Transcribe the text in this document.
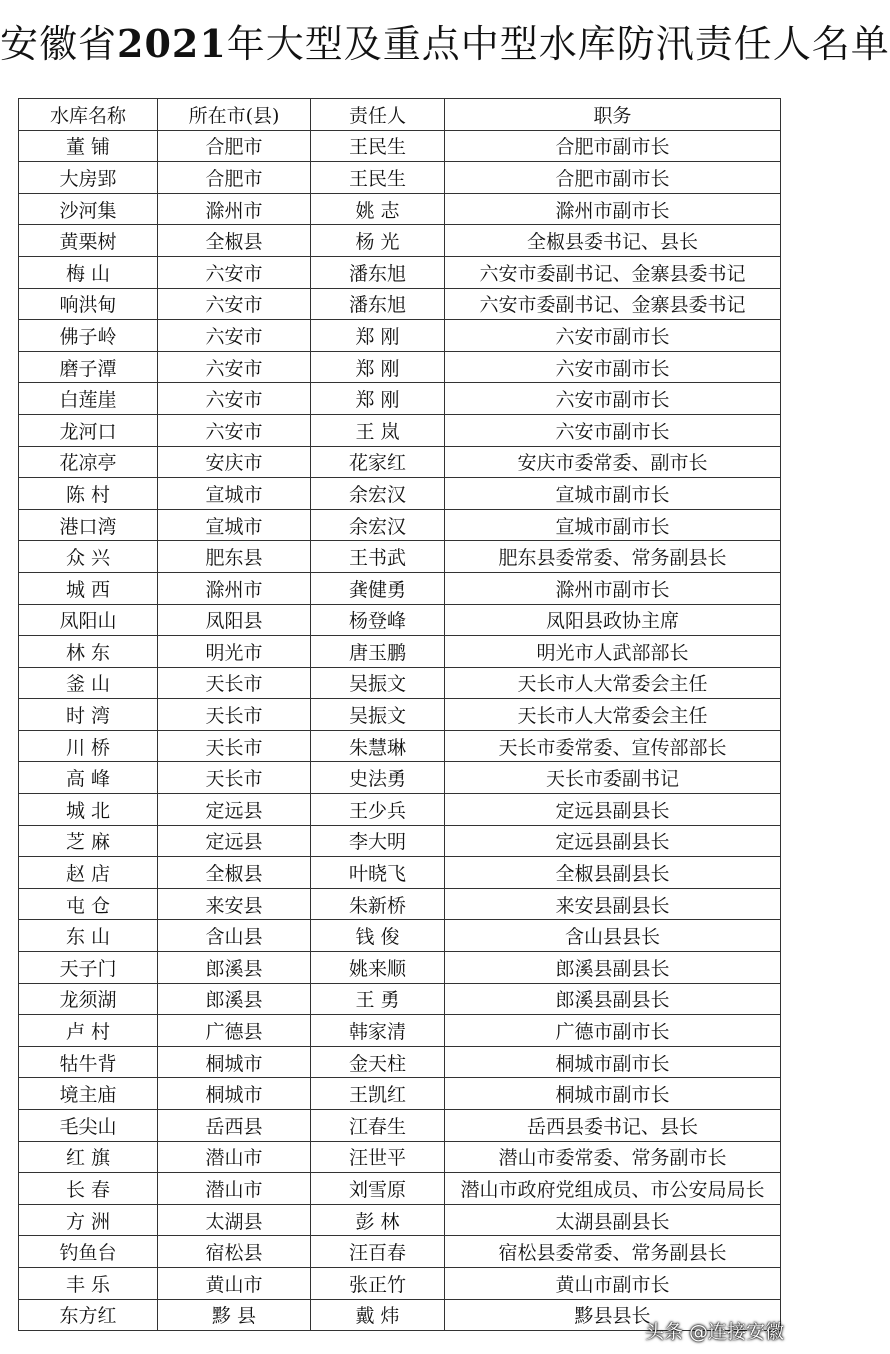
安徽省2021年大型及重点中型水库防汛责任人名单
水库名称	所在市(县)	责任人	职务
董 铺	合肥市	王民生	合肥市副市长
大房郢	合肥市	王民生	合肥市副市长
沙河集	滁州市	姚 志	滁州市副市长
黄栗树	全椒县	杨 光	全椒县委书记、县长
梅 山	六安市	潘东旭	六安市委副书记、金寨县委书记
响洪甸	六安市	潘东旭	六安市委副书记、金寨县委书记
佛子岭	六安市	郑 刚	六安市副市长
磨子潭	六安市	郑 刚	六安市副市长
白莲崖	六安市	郑 刚	六安市副市长
龙河口	六安市	王 岚	六安市副市长
花凉亭	安庆市	花家红	安庆市委常委、副市长
陈 村	宣城市	余宏汉	宣城市副市长
港口湾	宣城市	余宏汉	宣城市副市长
众 兴	肥东县	王书武	肥东县委常委、常务副县长
城 西	滁州市	龚健勇	滁州市副市长
凤阳山	凤阳县	杨登峰	凤阳县政协主席
林 东	明光市	唐玉鹏	明光市人武部部长
釜 山	天长市	吴振文	天长市人大常委会主任
时 湾	天长市	吴振文	天长市人大常委会主任
川 桥	天长市	朱慧琳	天长市委常委、宣传部部长
高 峰	天长市	史法勇	天长市委副书记
城 北	定远县	王少兵	定远县副县长
芝 麻	定远县	李大明	定远县副县长
赵 店	全椒县	叶晓飞	全椒县副县长
屯 仓	来安县	朱新桥	来安县副县长
东 山	含山县	钱 俊	含山县县长
天子门	郎溪县	姚来顺	郎溪县副县长
龙须湖	郎溪县	王 勇	郎溪县副县长
卢 村	广德县	韩家清	广德市副市长
牯牛背	桐城市	金天柱	桐城市副市长
境主庙	桐城市	王凯红	桐城市副市长
毛尖山	岳西县	江春生	岳西县委书记、县长
红 旗	潜山市	汪世平	潜山市委常委、常务副市长
长 春	潜山市	刘雪原	潜山市政府党组成员、市公安局局长
方 洲	太湖县	彭 林	太湖县副县长
钓鱼台	宿松县	汪百春	宿松县委常委、常务副县长
丰 乐	黄山市	张正竹	黄山市副市长
东方红	黟 县	戴 炜	黟县县长
头条 @连接安徽
